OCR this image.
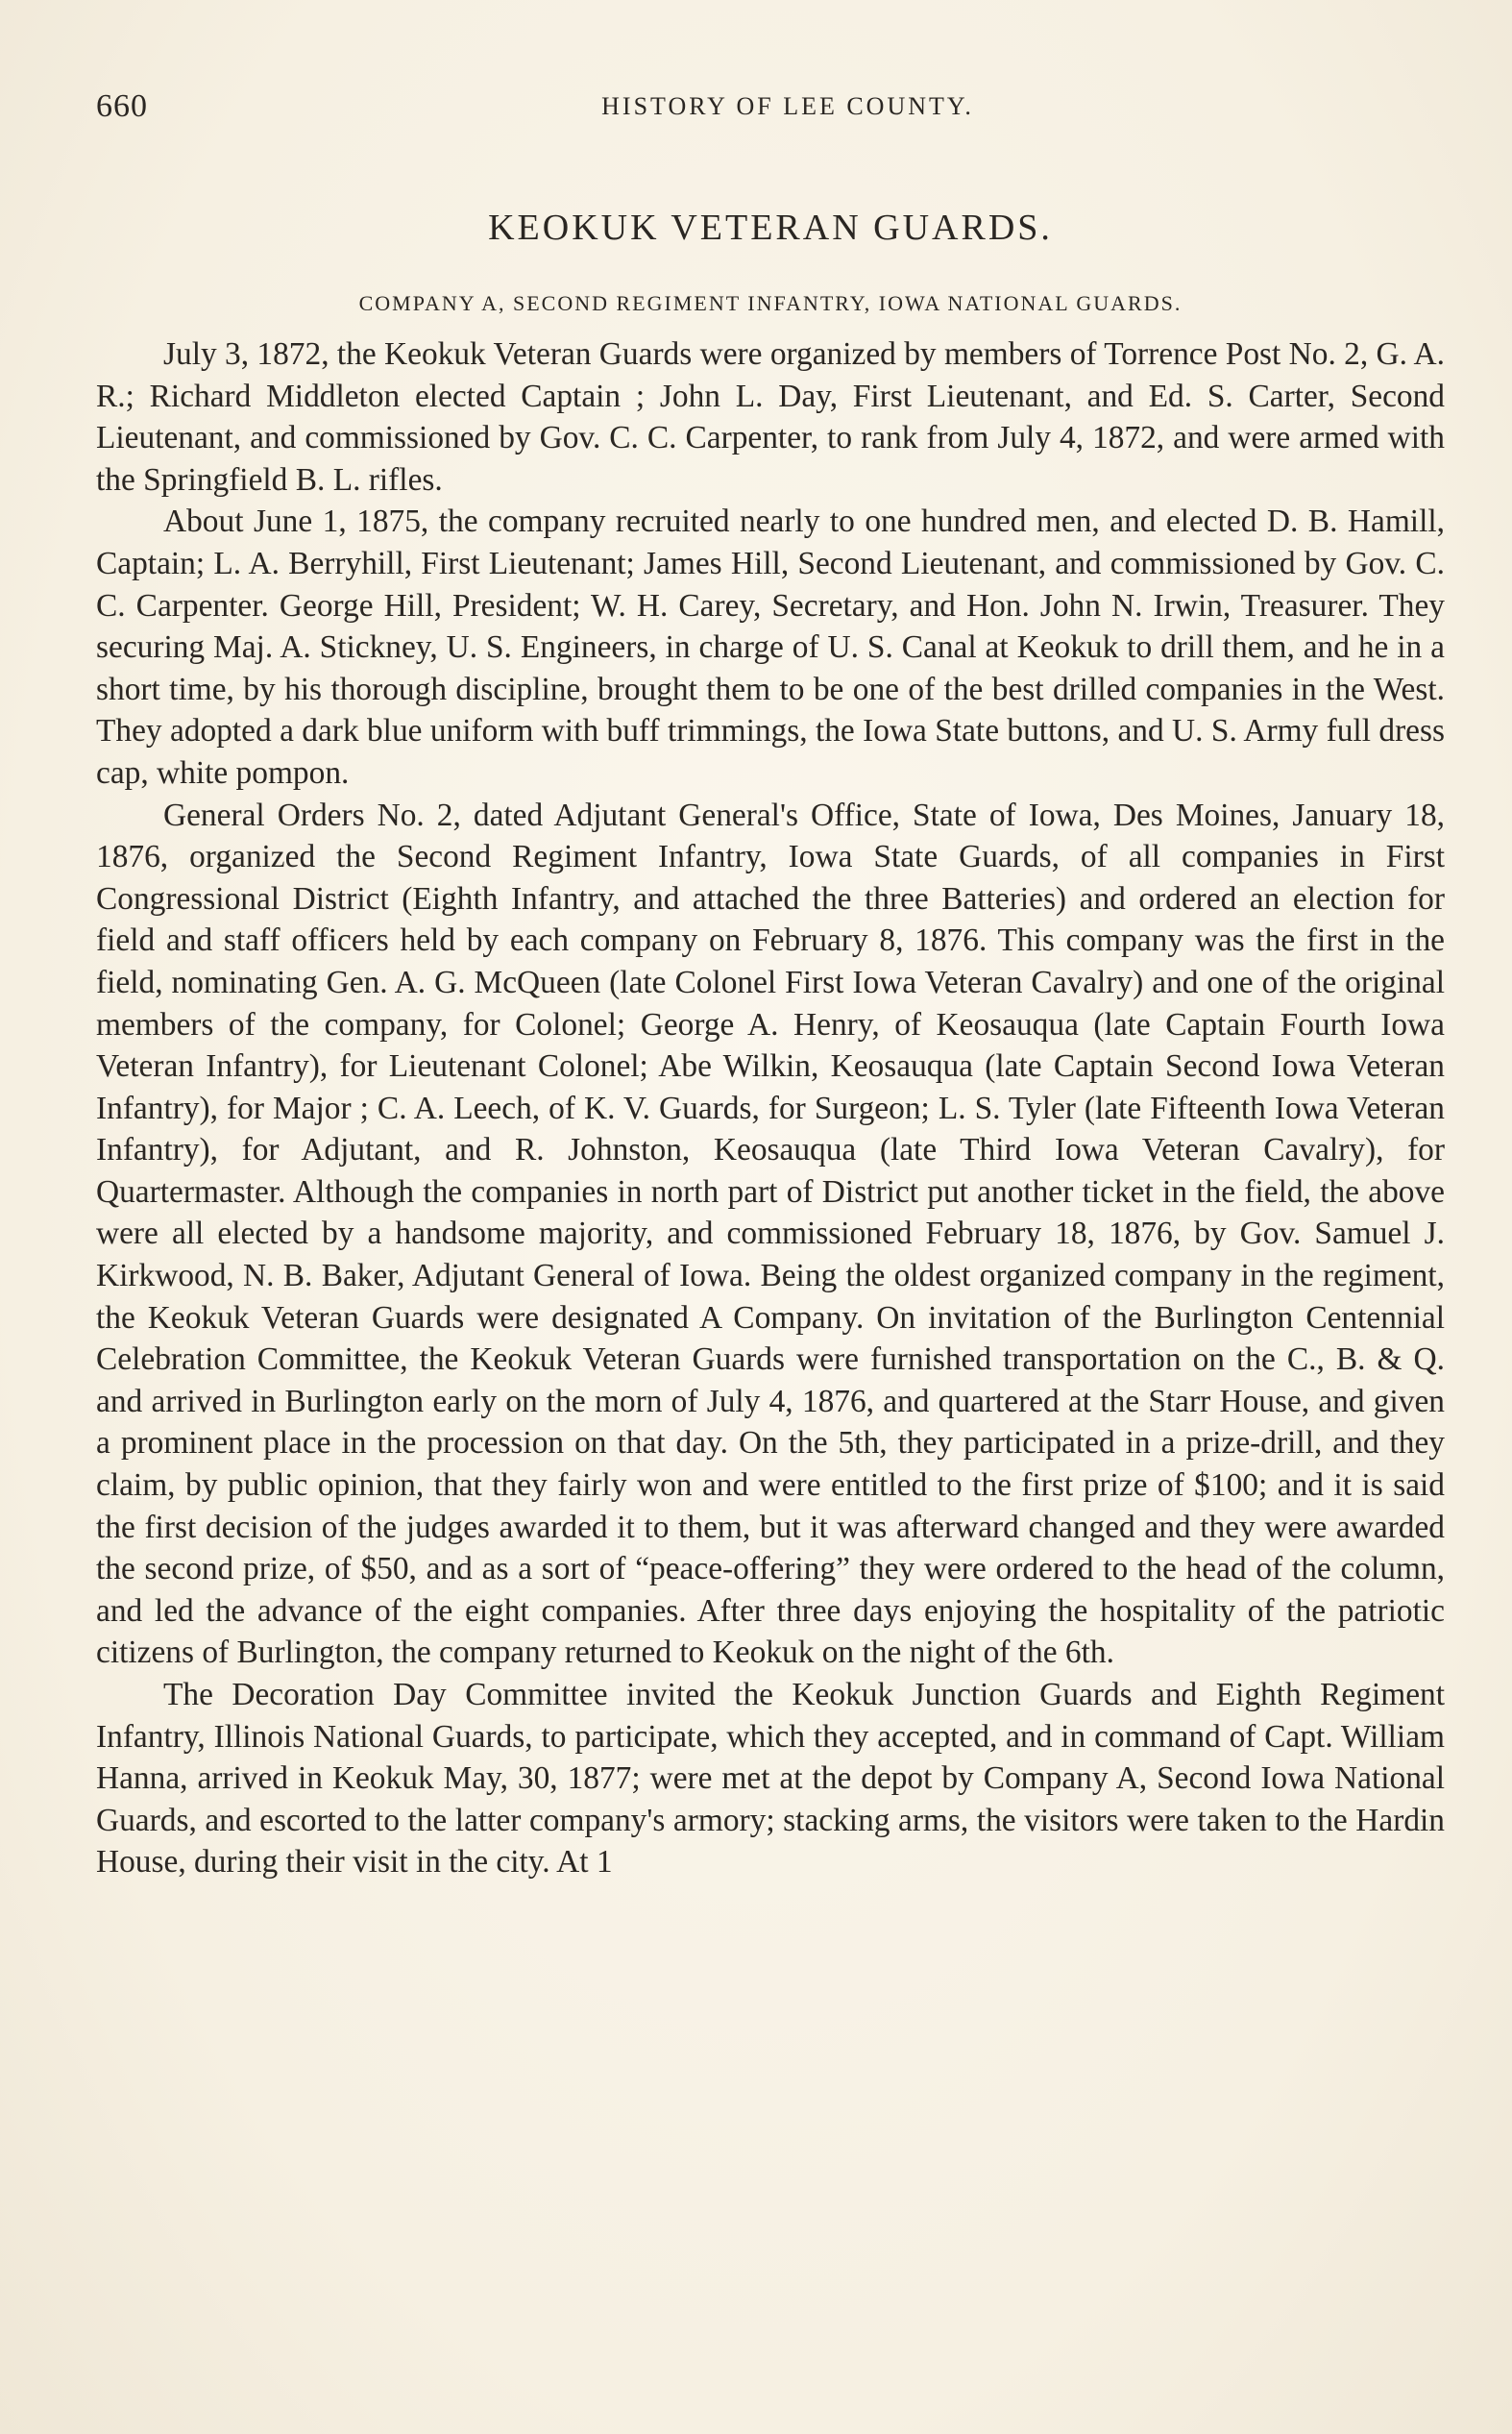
660	HISTORY OF LEE COUNTY.
KEOKUK VETERAN GUARDS.
COMPANY A, SECOND REGIMENT INFANTRY, IOWA NATIONAL GUARDS.

July 3, 1872, the Keokuk Veteran Guards were organized by members of Torrence Post No. 2, G. A. R.; Richard Middleton elected Captain ; John L. Day, First Lieutenant, and Ed. S. Carter, Second Lieutenant, and commissioned by Gov. C. C. Carpenter, to rank from July 4, 1872, and were armed with the Springfield B. L. rifles.

About June 1, 1875, the company recruited nearly to one hundred men, and elected D. B. Hamill, Captain; L. A. Berryhill, First Lieutenant; James Hill, Second Lieutenant, and commissioned by Gov. C. C. Carpenter. George Hill, President; W. H. Carey, Secretary, and Hon. John N. Irwin, Treasurer. They securing Maj. A. Stickney, U. S. Engineers, in charge of U. S. Canal at Keokuk to drill them, and he in a short time, by his thorough discipline, brought them to be one of the best drilled companies in the West. They adopted a dark blue uniform with buff trimmings, the Iowa State buttons, and U. S. Army full dress cap, white pompon.

General Orders No. 2, dated Adjutant General's Office, State of Iowa, Des Moines, January 18, 1876, organized the Second Regiment Infantry, Iowa State Guards, of all companies in First Congressional District (Eighth Infantry, and attached the three Batteries) and ordered an election for field and staff officers held by each company on February 8, 1876. This company was the first in the field, nominating Gen. A. G. McQueen (late Colonel First Iowa Veteran Cavalry) and one of the original members of the company, for Colonel; George A. Henry, of Keosauqua (late Captain Fourth Iowa Veteran Infantry), for Lieutenant Colonel; Abe Wilkin, Keosauqua (late Captain Second Iowa Veteran Infantry), for Major ; C. A. Leech, of K. V. Guards, for Surgeon; L. S. Tyler (late Fifteenth Iowa Veteran Infantry), for Adjutant, and R. Johnston, Keosauqua (late Third Iowa Veteran Cavalry), for Quartermaster. Although the companies in north part of District put another ticket in the field, the above were all elected by a handsome majority, and commissioned February 18, 1876, by Gov. Samuel J. Kirkwood, N. B. Baker, Adjutant General of Iowa. Being the oldest organized company in the regiment, the Keokuk Veteran Guards were designated A Company. On invitation of the Burlington Centennial Celebration Committee, the Keokuk Veteran Guards were furnished transportation on the C., B. & Q. and arrived in Burlington early on the morn of July 4, 1876, and quartered at the Starr House, and given a prominent place in the procession on that day. On the 5th, they participated in a prize-drill, and they claim, by public opinion, that they fairly won and were entitled to the first prize of $100; and it is said the first decision of the judges awarded it to them, but it was afterward changed and they were awarded the second prize, of $50, and as a sort of “peace-offering” they were ordered to the head of the column, and led the advance of the eight companies. After three days enjoying the hospitality of the patriotic citizens of Burlington, the company returned to Keokuk on the night of the 6th.

The Decoration Day Committee invited the Keokuk Junction Guards and Eighth Regiment Infantry, Illinois National Guards, to participate, which they accepted, and in command of Capt. William Hanna, arrived in Keokuk May, 30, 1877; were met at the depot by Company A, Second Iowa National Guards, and escorted to the latter company's armory; stacking arms, the visitors were taken to the Hardin House, during their visit in the city. At 1
